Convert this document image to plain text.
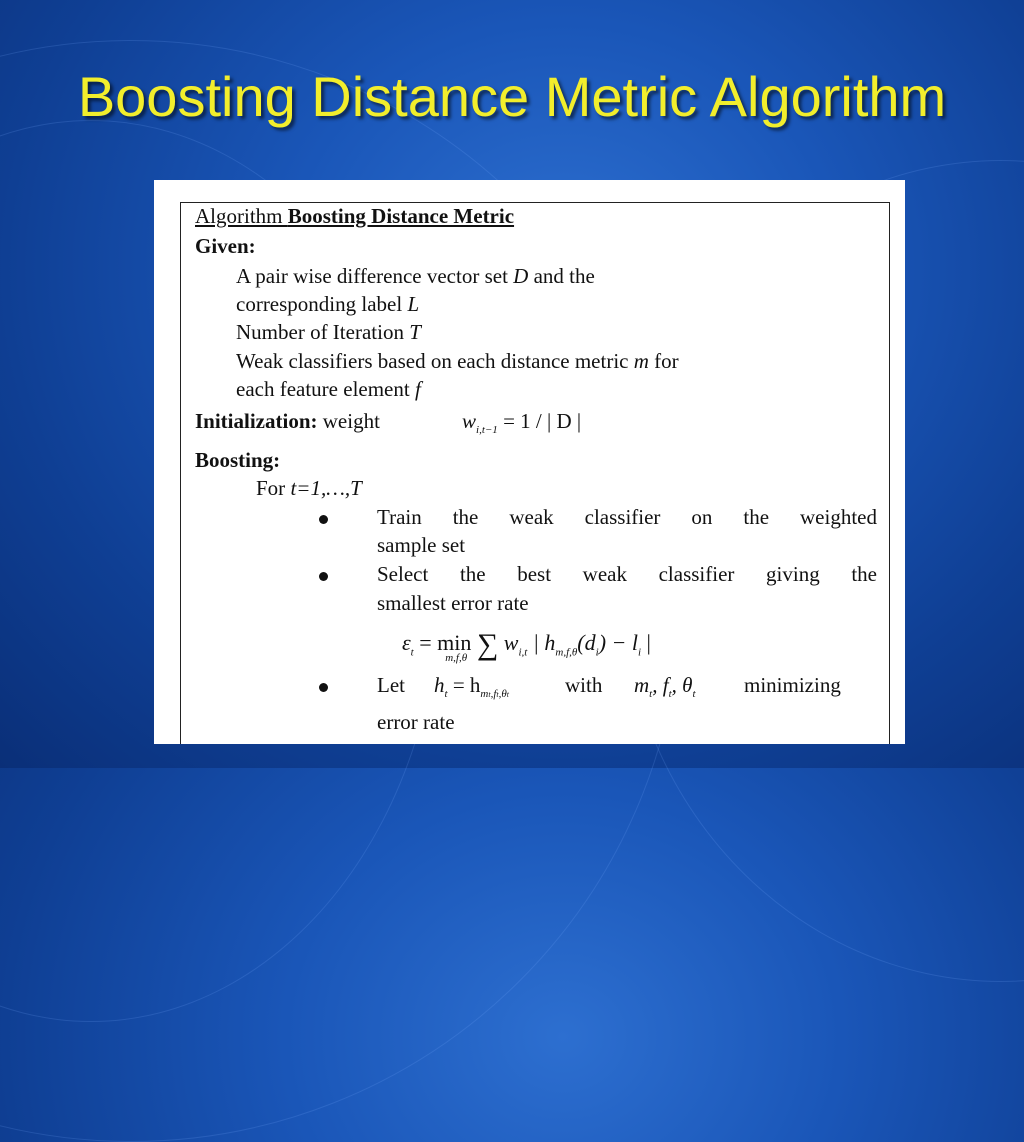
Boosting Distance Metric Algorithm
Algorithm Boosting Distance Metric
Given:
A pair wise difference vector set D and the
corresponding label L
Number of Iteration T
Weak classifiers based on each distance metric m for
each feature element f
Initialization: weight	$w_{i,t-1} = 1$ / | D |
Boosting:
For t=1,…,T
Train the weak classifier on the weighted
sample set
Select the best weak classifier giving the
smallest error rate
$\varepsilon_t = \min$
m,f,θ ∑ $w_{i,t}$ | $h_{m,f,\theta}(d_i) - l_i$ |
Let $h_t = h_{mt,ft,\theta t}$	with $m_t$, $f_t$, $\theta_t$ minimizing
error rate
